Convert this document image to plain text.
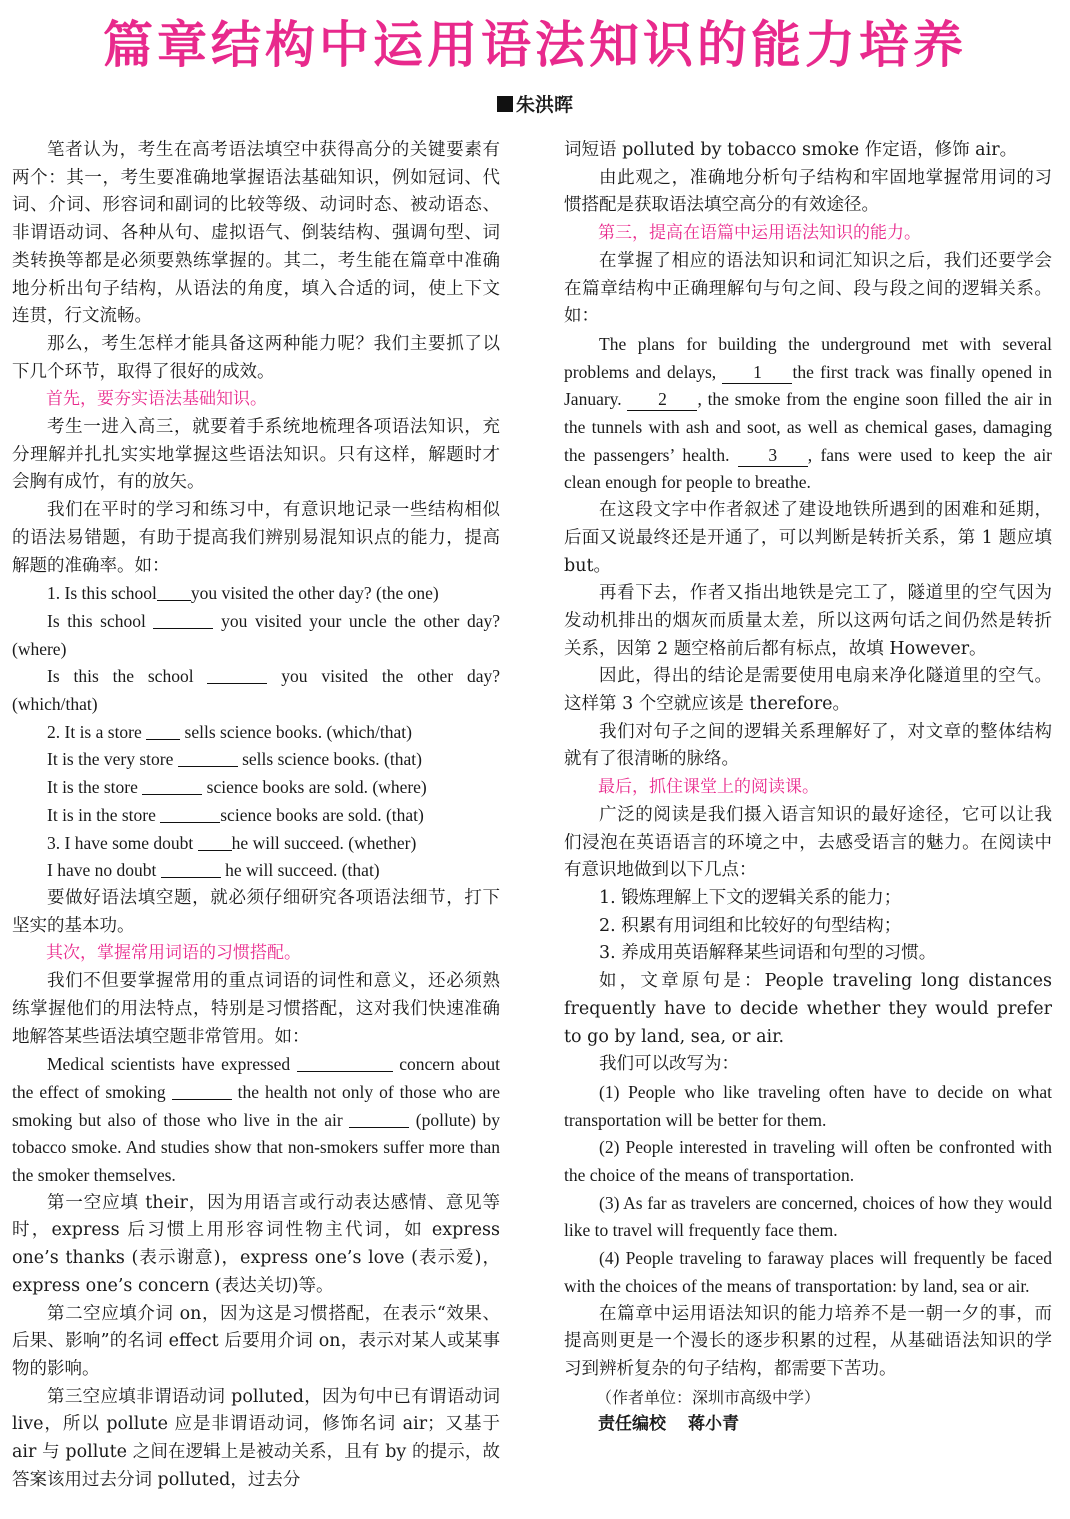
篇章结构中运用语法知识的能力培养
朱洪晖

笔者认为，考生在高考语法填空中获得高分的关键要素有两个：其一，考生要准确地掌握语法基础知识，例如冠词、代词、介词、形容词和副词的比较等级、动词时态、被动语态、非谓语动词、各种从句、虚拟语气、倒装结构、强调句型、词类转换等都是必须要熟练掌握的。其二，考生能在篇章中准确地分析出句子结构，从语法的角度，填入合适的词，使上下文连贯，行文流畅。

那么，考生怎样才能具备这两种能力呢？我们主要抓了以下几个环节，取得了很好的成效。

首先，要夯实语法基础知识。

考生一进入高三，就要着手系统地梳理各项语法知识，充分理解并扎扎实实地掌握这些语法知识。只有这样，解题时才会胸有成竹，有的放矢。

我们在平时的学习和练习中，有意识地记录一些结构相似的语法易错题，有助于提高我们辨别易混知识点的能力，提高解题的准确率。如：

1. Is this school you visited the other day? (the one)

Is this school	you visited your uncle the other day? (where)

Is this the school	you visited the other day? (which/that)

2. It is a store sells science books. (which/that)

It is the very store	sells science books. (that)

It is the store	science books are sold. (where)

It is in the store	science books are sold. (that)

3. I have some doubt he will succeed. (whether)

I have no doubt	he will succeed. (that)

要做好语法填空题，就必须仔细研究各项语法细节，打下坚实的基本功。

其次，掌握常用词语的习惯搭配。

我们不但要掌握常用的重点词语的词性和意义，还必须熟练掌握他们的用法特点，特别是习惯搭配，这对我们快速准确地解答某些语法填空题非常管用。如：

Medical scientists have expressed	concern about the effect of smoking	the health not only of those who are smoking but also of those who live in the air	(pollute) by tobacco smoke. And studies show that non-smokers suffer more than the smoker themselves.

第一空应填 their，因为用语言或行动表达感情、意见等时，express 后习惯上用形容词性物主代词，如 express one’s thanks (表示谢意)，express one’s love (表示爱)，express one’s concern (表达关切)等。

第二空应填介词 on，因为这是习惯搭配，在表示“效果、后果、影响”的名词 effect 后要用介词 on，表示对某人或某事物的影响。

第三空应填非谓语动词 polluted，因为句中已有谓语动词 live，所以 pollute 应是非谓语动词，修饰名词 air；又基于 air 与 pollute 之间在逻辑上是被动关系，且有 by 的提示，故答案该用过去分词 polluted，过去分

词短语 polluted by tobacco smoke 作定语，修饰 air。

由此观之，准确地分析句子结构和牢固地掌握常用词的习惯搭配是获取语法填空高分的有效途径。

第三，提高在语篇中运用语法知识的能力。

在掌握了相应的语法知识和词汇知识之后，我们还要学会在篇章结构中正确理解句与句之间、段与段之间的逻辑关系。如：

The plans for building the underground met with several problems and delays, 1 the first track was finally opened in January. 2 , the smoke from the engine soon filled the air in the tunnels with ash and soot, as well as chemical gases, damaging the passengers’ health. 3 , fans were used to keep the air clean enough for people to breathe.

在这段文字中作者叙述了建设地铁所遇到的困难和延期，后面又说最终还是开通了，可以判断是转折关系，第 1 题应填 but。

再看下去，作者又指出地铁是完工了，隧道里的空气因为发动机排出的烟灰而质量太差，所以这两句话之间仍然是转折关系，因第 2 题空格前后都有标点，故填 However。

因此，得出的结论是需要使用电扇来净化隧道里的空气。这样第 3 个空就应该是 therefore。

我们对句子之间的逻辑关系理解好了，对文章的整体结构就有了很清晰的脉络。

最后，抓住课堂上的阅读课。

广泛的阅读是我们摄入语言知识的最好途径，它可以让我们浸泡在英语语言的环境之中，去感受语言的魅力。在阅读中有意识地做到以下几点：

1. 锻炼理解上下文的逻辑关系的能力；

2. 积累有用词组和比较好的句型结构；

3. 养成用英语解释某些词语和句型的习惯。

如，文章原句是：People traveling long distances frequently have to decide whether they would prefer to go by land, sea, or air.

我们可以改写为：

(1) People who like traveling often have to decide on what transportation will be better for them.

(2) People interested in traveling will often be confronted with the choice of the means of transportation.

(3) As far as travelers are concerned, choices of how they would like to travel will frequently face them.

(4) People traveling to faraway places will frequently be faced with the choices of the means of transportation: by land, sea or air.

在篇章中运用语法知识的能力培养不是一朝一夕的事，而提高则更是一个漫长的逐步积累的过程，从基础语法知识的学习到辨析复杂的句子结构，都需要下苦功。

（作者单位：深圳市高级中学）

责任编校 蒋小青
